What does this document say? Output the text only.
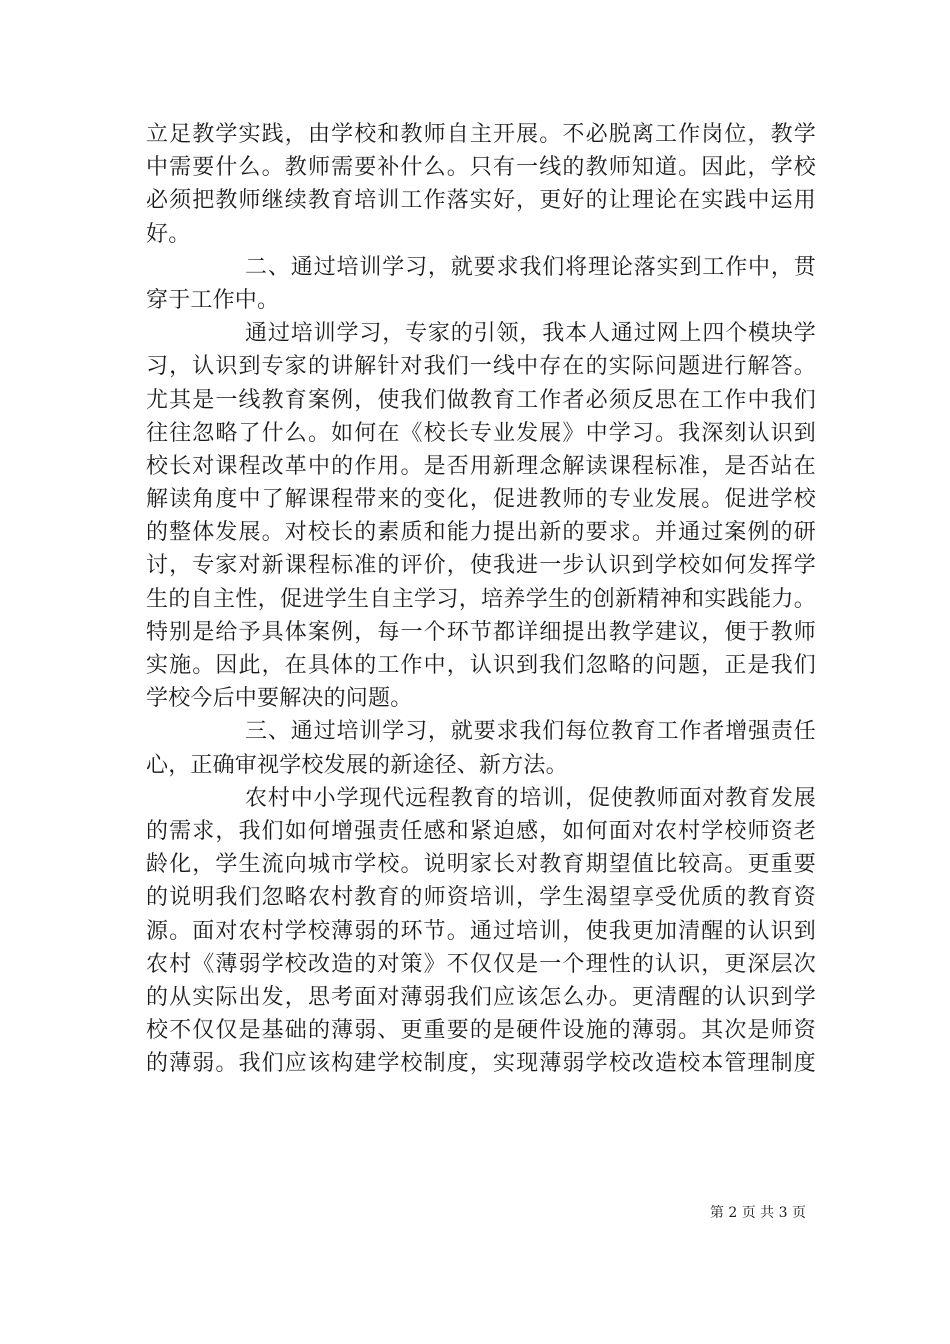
立足教学实践，由学校和教师自主开展。不必脱离工作岗位，教学
中需要什么。教师需要补什么。只有一线的教师知道。因此，学校
必须把教师继续教育培训工作落实好，更好的让理论在实践中运用
好。
二、通过培训学习，就要求我们将理论落实到工作中，贯
穿于工作中。
通过培训学习，专家的引领，我本人通过网上四个模块学
习，认识到专家的讲解针对我们一线中存在的实际问题进行解答。
尤其是一线教育案例，使我们做教育工作者必须反思在工作中我们
往往忽略了什么。如何在《校长专业发展》中学习。我深刻认识到
校长对课程改革中的作用。是否用新理念解读课程标准，是否站在
解读角度中了解课程带来的变化，促进教师的专业发展。促进学校
的整体发展。对校长的素质和能力提出新的要求。并通过案例的研
讨，专家对新课程标准的评价，使我进一步认识到学校如何发挥学
生的自主性，促进学生自主学习，培养学生的创新精神和实践能力。
特别是给予具体案例，每一个环节都详细提出教学建议，便于教师
实施。因此，在具体的工作中，认识到我们忽略的问题，正是我们
学校今后中要解决的问题。
三、通过培训学习，就要求我们每位教育工作者增强责任
心，正确审视学校发展的新途径、新方法。
农村中小学现代远程教育的培训，促使教师面对教育发展
的需求，我们如何增强责任感和紧迫感，如何面对农村学校师资老
龄化，学生流向城市学校。说明家长对教育期望值比较高。更重要
的说明我们忽略农村教育的师资培训，学生渴望享受优质的教育资
源。面对农村学校薄弱的环节。通过培训，使我更加清醒的认识到
农村《薄弱学校改造的对策》不仅仅是一个理性的认识，更深层次
的从实际出发，思考面对薄弱我们应该怎么办。更清醒的认识到学
校不仅仅是基础的薄弱、更重要的是硬件设施的薄弱。其次是师资
的薄弱。我们应该构建学校制度，实现薄弱学校改造校本管理制度
第 2 页 共 3 页
